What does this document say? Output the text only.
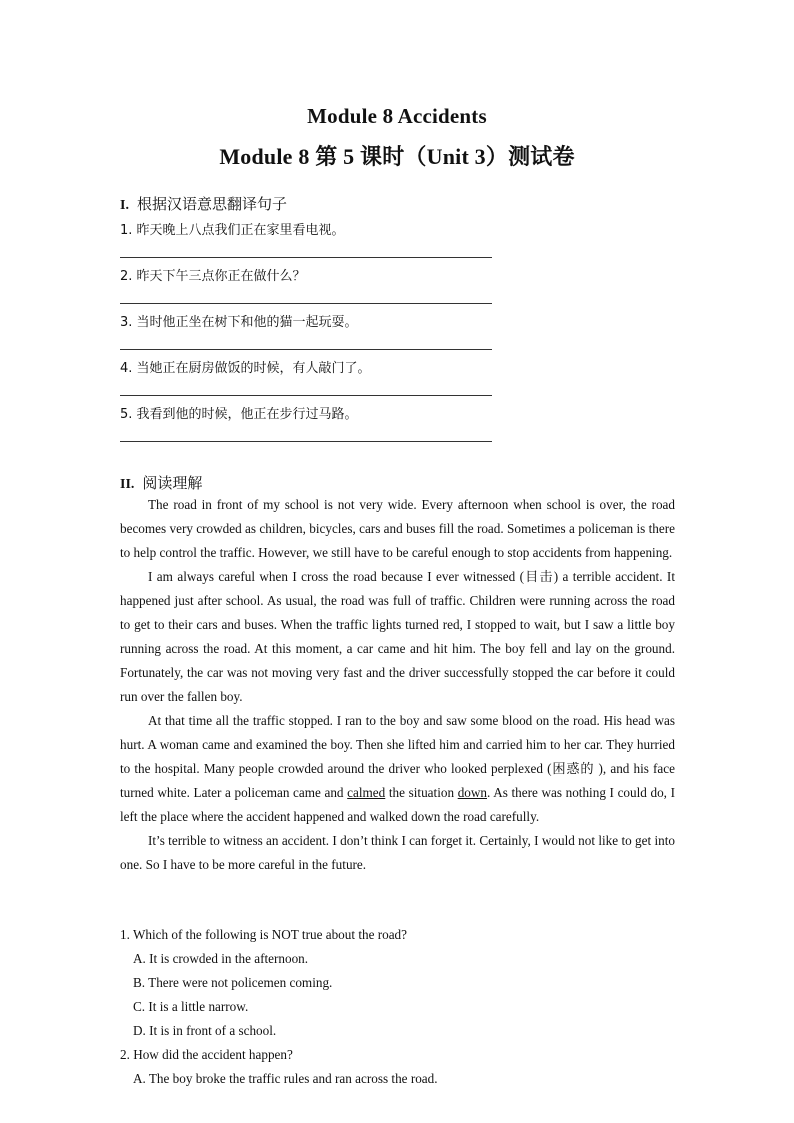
Module 8 Accidents
Module 8 第 5 课时（Unit 3）测试卷
I. 根据汉语意思翻译句子
1. 昨天晚上八点我们正在家里看电视。
2. 昨天下午三点你正在做什么？
3. 当时他正坐在树下和他的猫一起玩耍。
4. 当她正在厨房做饭的时候，有人敲门了。
5. 我看到他的时候，他正在步行过马路。
II. 阅读理解

The road in front of my school is not very wide. Every afternoon when school is over, the road becomes very crowded as children, bicycles, cars and buses fill the road. Sometimes a policeman is there to help control the traffic. However, we still have to be careful enough to stop accidents from happening.

I am always careful when I cross the road because I ever witnessed (目击) a terrible accident. It happened just after school. As usual, the road was full of traffic. Children were running across the road to get to their cars and buses. When the traffic lights turned red, I stopped to wait, but I saw a little boy running across the road. At this moment, a car came and hit him. The boy fell and lay on the ground. Fortunately, the car was not moving very fast and the driver successfully stopped the car before it could run over the fallen boy.

At that time all the traffic stopped. I ran to the boy and saw some blood on the road. His head was hurt. A woman came and examined the boy. Then she lifted him and carried him to her car. They hurried to the hospital. Many people crowded around the driver who looked perplexed (困惑的 ), and his face turned white. Later a policeman came and calmed the situation down. As there was nothing I could do, I left the place where the accident happened and walked down the road carefully.

It’s terrible to witness an accident. I don’t think I can forget it. Certainly, I would not like to get into one. So I have to be more careful in the future.

1. Which of the following is NOT true about the road?

A. It is crowded in the afternoon.

B. There were not policemen coming.

C. It is a little narrow.

D. It is in front of a school.

2. How did the accident happen?

A. The boy broke the traffic rules and ran across the road.
